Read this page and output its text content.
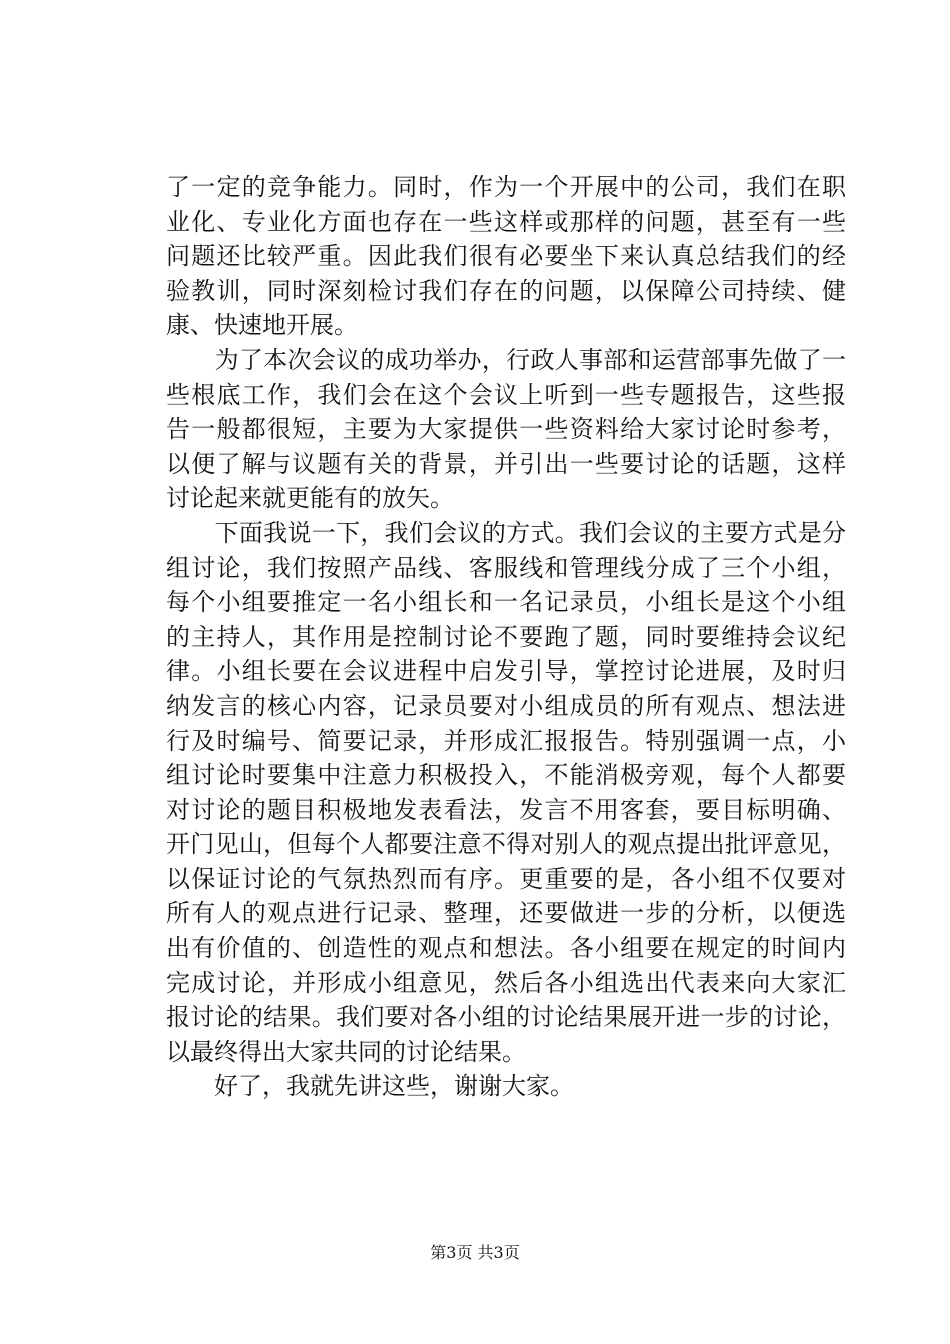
了一定的竞争能力。同时，作为一个开展中的公司，我们在职
业化、专业化方面也存在一些这样或那样的问题，甚至有一些
问题还比较严重。因此我们很有必要坐下来认真总结我们的经
验教训，同时深刻检讨我们存在的问题，以保障公司持续、健
康、快速地开展。
　　为了本次会议的成功举办，行政人事部和运营部事先做了一
些根底工作，我们会在这个会议上听到一些专题报告，这些报
告一般都很短，主要为大家提供一些资料给大家讨论时参考，
以便了解与议题有关的背景，并引出一些要讨论的话题，这样
讨论起来就更能有的放矢。
　　下面我说一下，我们会议的方式。我们会议的主要方式是分
组讨论，我们按照产品线、客服线和管理线分成了三个小组，
每个小组要推定一名小组长和一名记录员，小组长是这个小组
的主持人，其作用是控制讨论不要跑了题，同时要维持会议纪
律。小组长要在会议进程中启发引导，掌控讨论进展，及时归
纳发言的核心内容，记录员要对小组成员的所有观点、想法进
行及时编号、简要记录，并形成汇报报告。特别强调一点，小
组讨论时要集中注意力积极投入，不能消极旁观，每个人都要
对讨论的题目积极地发表看法，发言不用客套，要目标明确、
开门见山，但每个人都要注意不得对别人的观点提出批评意见，
以保证讨论的气氛热烈而有序。更重要的是，各小组不仅要对
所有人的观点进行记录、整理，还要做进一步的分析，以便选
出有价值的、创造性的观点和想法。各小组要在规定的时间内
完成讨论，并形成小组意见，然后各小组选出代表来向大家汇
报讨论的结果。我们要对各小组的讨论结果展开进一步的讨论，
以最终得出大家共同的讨论结果。
　　好了，我就先讲这些，谢谢大家。
第3页 共3页
